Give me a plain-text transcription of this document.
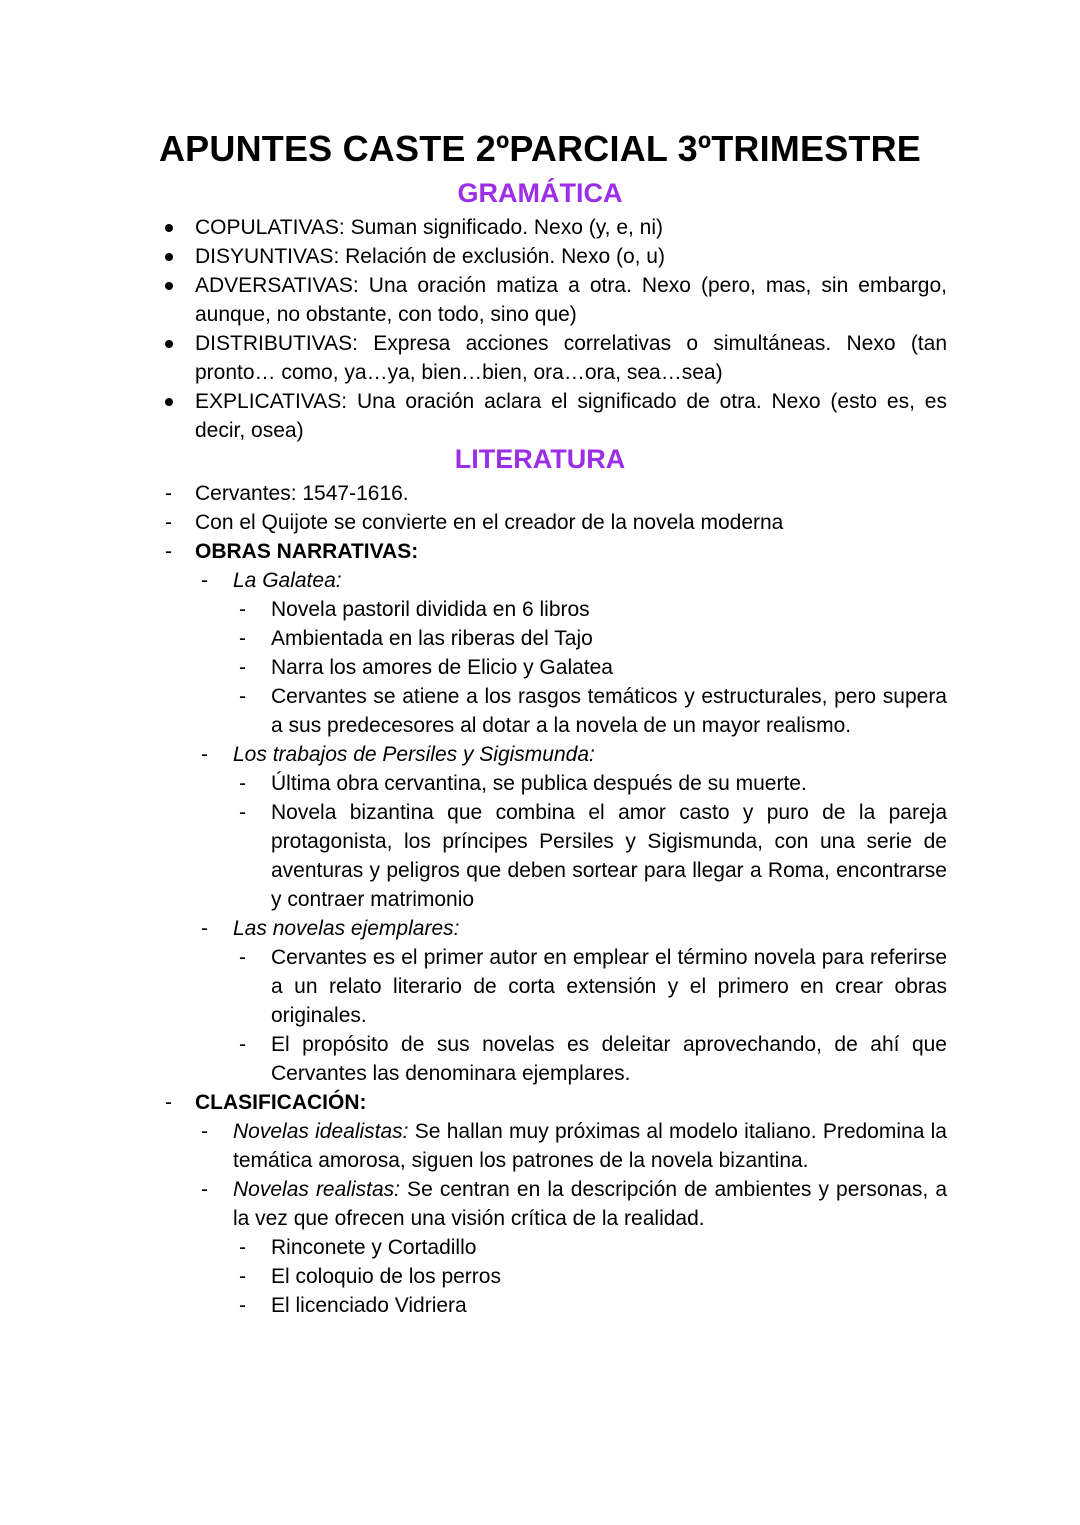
APUNTES CASTE 2ºPARCIAL 3ºTRIMESTRE
GRAMÁTICA
COPULATIVAS: Suman significado. Nexo (y, e, ni)
DISYUNTIVAS: Relación de exclusión. Nexo (o, u)
ADVERSATIVAS: Una oración matiza a otra. Nexo (pero, mas, sin embargo, aunque, no obstante, con todo, sino que)
DISTRIBUTIVAS: Expresa acciones correlativas o simultáneas. Nexo (tan pronto… como, ya…ya, bien…bien, ora…ora, sea…sea)
EXPLICATIVAS: Una oración aclara el significado de otra. Nexo (esto es, es decir, osea)
LITERATURA
- Cervantes: 1547-1616.
- Con el Quijote se convierte en el creador de la novela moderna
- OBRAS NARRATIVAS:
- La Galatea:
- Novela pastoril dividida en 6 libros
- Ambientada en las riberas del Tajo
- Narra los amores de Elicio y Galatea
- Cervantes se atiene a los rasgos temáticos y estructurales, pero supera a sus predecesores al dotar a la novela de un mayor realismo.
- Los trabajos de Persiles y Sigismunda:
- Última obra cervantina, se publica después de su muerte.
- Novela bizantina que combina el amor casto y puro de la pareja protagonista, los príncipes Persiles y Sigismunda, con una serie de aventuras y peligros que deben sortear para llegar a Roma, encontrarse y contraer matrimonio
- Las novelas ejemplares:
- Cervantes es el primer autor en emplear el término novela para referirse a un relato literario de corta extensión y el primero en crear obras originales.
- El propósito de sus novelas es deleitar aprovechando, de ahí que Cervantes las denominara ejemplares.
- CLASIFICACIÓN:
- Novelas idealistas: Se hallan muy próximas al modelo italiano. Predomina la temática amorosa, siguen los patrones de la novela bizantina.
- Novelas realistas: Se centran en la descripción de ambientes y personas, a la vez que ofrecen una visión crítica de la realidad.
- Rinconete y Cortadillo
- El coloquio de los perros
- El licenciado Vidriera
